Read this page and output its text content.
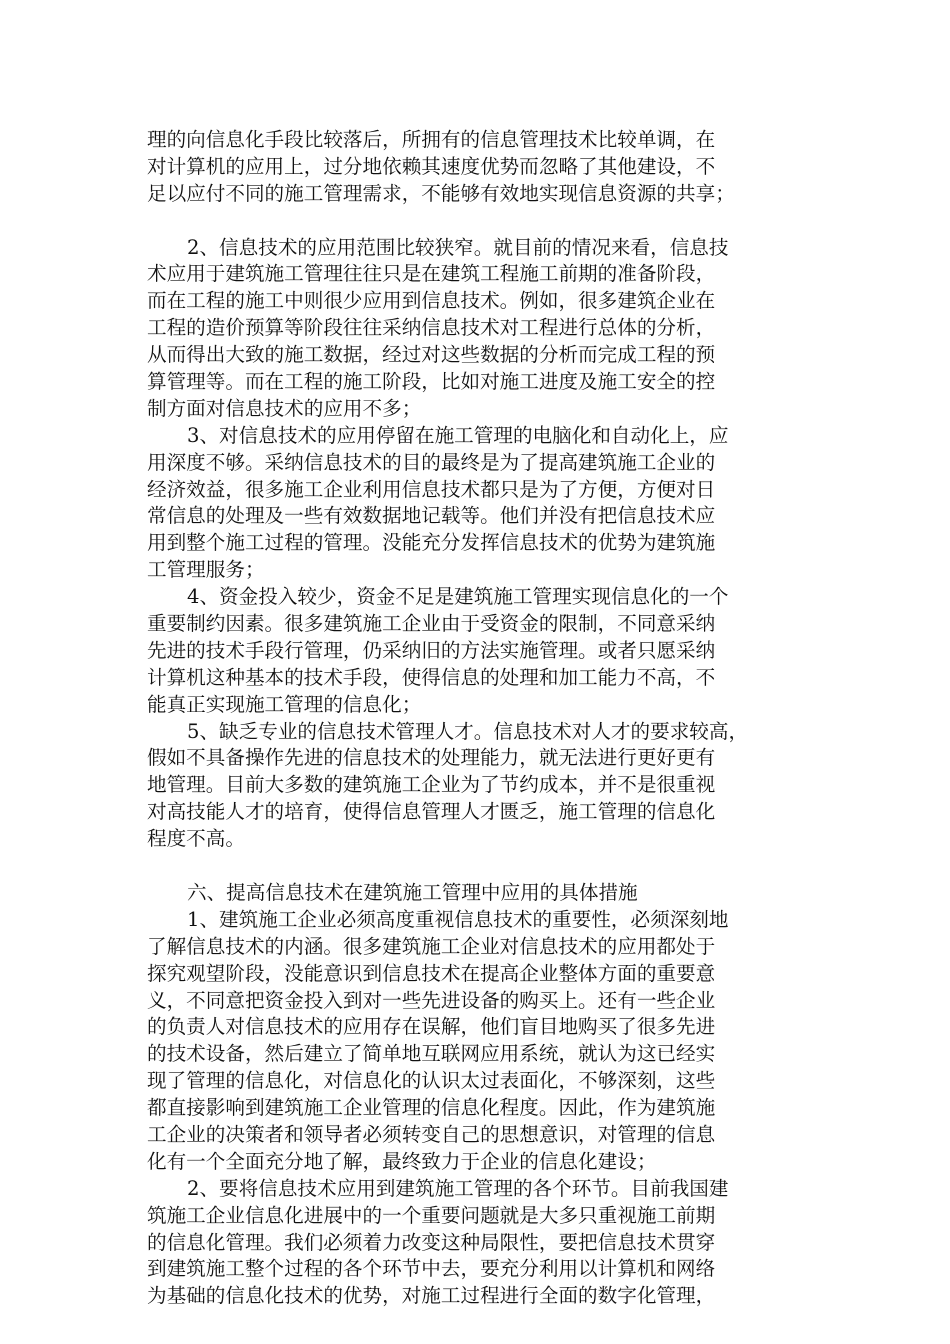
理的向信息化手段比较落后，所拥有的信息管理技术比较单调，在
对计算机的应用上，过分地依赖其速度优势而忽略了其他建设，不
足以应付不同的施工管理需求，不能够有效地实现信息资源的共享；
2、信息技术的应用范围比较狭窄。就目前的情况来看，信息技
术应用于建筑施工管理往往只是在建筑工程施工前期的准备阶段，
而在工程的施工中则很少应用到信息技术。例如，很多建筑企业在
工程的造价预算等阶段往往采纳信息技术对工程进行总体的分析，
从而得出大致的施工数据，经过对这些数据的分析而完成工程的预
算管理等。而在工程的施工阶段，比如对施工进度及施工安全的控
制方面对信息技术的应用不多；
3、对信息技术的应用停留在施工管理的电脑化和自动化上，应
用深度不够。采纳信息技术的目的最终是为了提高建筑施工企业的
经济效益，很多施工企业利用信息技术都只是为了方便，方便对日
常信息的处理及一些有效数据地记载等。他们并没有把信息技术应
用到整个施工过程的管理。没能充分发挥信息技术的优势为建筑施
工管理服务；
4、资金投入较少，资金不足是建筑施工管理实现信息化的一个
重要制约因素。很多建筑施工企业由于受资金的限制，不同意采纳
先进的技术手段行管理，仍采纳旧的方法实施管理。或者只愿采纳
计算机这种基本的技术手段，使得信息的处理和加工能力不高，不
能真正实现施工管理的信息化；
5、缺乏专业的信息技术管理人才。信息技术对人才的要求较高，
假如不具备操作先进的信息技术的处理能力，就无法进行更好更有
地管理。目前大多数的建筑施工企业为了节约成本，并不是很重视
对高技能人才的培育，使得信息管理人才匮乏，施工管理的信息化
程度不高。
六、提高信息技术在建筑施工管理中应用的具体措施
1、建筑施工企业必须高度重视信息技术的重要性，必须深刻地
了解信息技术的内涵。很多建筑施工企业对信息技术的应用都处于
探究观望阶段，没能意识到信息技术在提高企业整体方面的重要意
义，不同意把资金投入到对一些先进设备的购买上。还有一些企业
的负责人对信息技术的应用存在误解，他们盲目地购买了很多先进
的技术设备，然后建立了简单地互联网应用系统，就认为这已经实
现了管理的信息化，对信息化的认识太过表面化，不够深刻，这些
都直接影响到建筑施工企业管理的信息化程度。因此，作为建筑施
工企业的决策者和领导者必须转变自己的思想意识，对管理的信息
化有一个全面充分地了解，最终致力于企业的信息化建设；
2、要将信息技术应用到建筑施工管理的各个环节。目前我国建
筑施工企业信息化进展中的一个重要问题就是大多只重视施工前期
的信息化管理。我们必须着力改变这种局限性，要把信息技术贯穿
到建筑施工整个过程的各个环节中去，要充分利用以计算机和网络
为基础的信息化技术的优势，对施工过程进行全面的数字化管理，
